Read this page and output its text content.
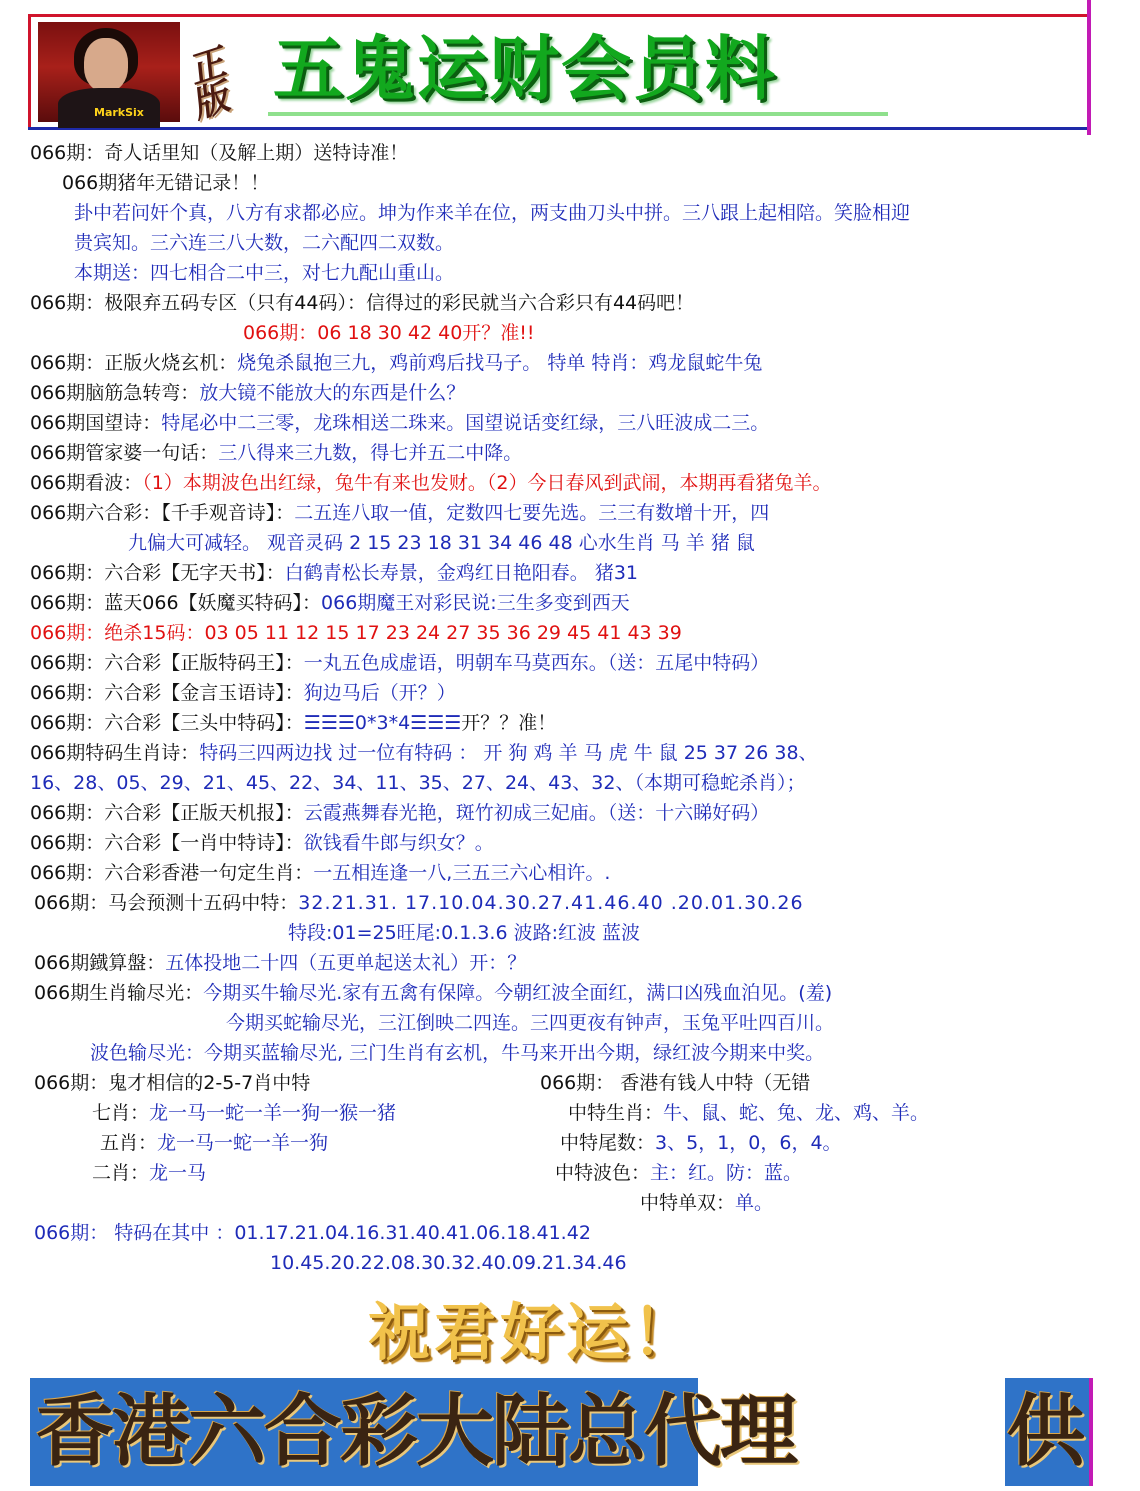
MarkSix
正版 五鬼运财会员料
066期：奇人话里知（及解上期）送特诗准！
066期猪年无错记录！！
卦中若问奸个真，八方有求都必应。坤为作来羊在位，两支曲刀头中拼。三八跟上起相陪。笑脸相迎
贵宾知。三六连三八大数，二六配四二双数。
本期送：四七相合二中三，对七九配山重山。
066期：极限弃五码专区（只有44码）：信得过的彩民就当六合彩只有44码吧！
066期：06 18 30 42 40开？准!!
066期：正版火烧玄机：烧兔杀鼠抱三九，鸡前鸡后找马子。 特单 特肖：鸡龙鼠蛇牛兔
066期脑筋急转弯：放大镜不能放大的东西是什么？
066期国望诗：特尾必中二三零，龙珠相送二珠来。国望说话变红绿，三八旺波成二三。
066期管家婆一句话：三八得来三九数，得七并五二中降。
066期看波：（1）本期波色出红绿，兔牛有来也发财。（2）今日春风到武闹，本期再看猪兔羊。
066期六合彩：【千手观音诗】：二五连八取一值，定数四七要先选。三三有数增十开，四
九偏大可减轻。 观音灵码 2 15 23 18 31 34 46 48 心水生肖 马 羊 猪 鼠
066期：六合彩【无字天书】：白鹤青松长寿景，金鸡红日艳阳春。 猪31
066期：蓝天066【妖魔买特码】：066期魔王对彩民说:三生多变到西天
066期：绝杀15码：03 05 11 12 15 17 23 24 27 35 36 29 45 41 43 39
066期：六合彩【正版特码王】：一丸五色成虚语，明朝车马莫西东。（送：五尾中特码）
066期：六合彩【金言玉语诗】：狗边马后（开？）
066期：六合彩【三头中特码】：☰☰☰0*3*4☰☰☰开？？准！
066期特码生肖诗：特码三四两边找 过一位有特码 ： 开 狗 鸡 羊 马 虎 牛 鼠 25 37 26 38、
16、28、05、29、21、45、22、34、11、35、27、24、43、32、（本期可稳蛇杀肖）；
066期：六合彩【正版天机报】：云霞燕舞春光艳，斑竹初成三妃庙。（送：十六睇好码）
066期：六合彩【一肖中特诗】：欲钱看牛郎与织女？。
066期：六合彩香港一句定生肖：一五相连逢一八,三五三六心相许。.
066期：马会预测十五码中特：32.21.31. 17.10.04.30.27.41.46.40 .20.01.30.26
特段:01=25旺尾:0.1.3.6 波路:红波 蓝波
066期鐡算盤：五体投地二十四（五更单起送太礼）开：？
066期生肖输尽光：今期买牛输尽光.家有五禽有保障。今朝红波全面红，满口凶残血泊见。(羞)
今期买蛇输尽光，三江倒映二四连。三四更夜有钟声，玉兔平吐四百川。
波色输尽光：今期买蓝输尽光, 三门生肖有玄机，牛马来开出今期，绿红波今期来中奖。
066期：鬼才相信的2-5-7肖中特
七肖：龙一马一蛇一羊一狗一猴一猪
五肖：龙一马一蛇一羊一狗
二肖：龙一马
066期： 香港有钱人中特（无错
中特生肖：牛、鼠、蛇、兔、龙、鸡、羊。
中特尾数：3、5，1，0，6，4。
中特波色：主：红。防：蓝。
中特单双：单。
066期： 特码在其中 ：01.17.21.04.16.31.40.41.06.18.41.42
10.45.20.22.08.30.32.40.09.21.34.46
祝君好运！
香港六合彩大陆总代理	供
